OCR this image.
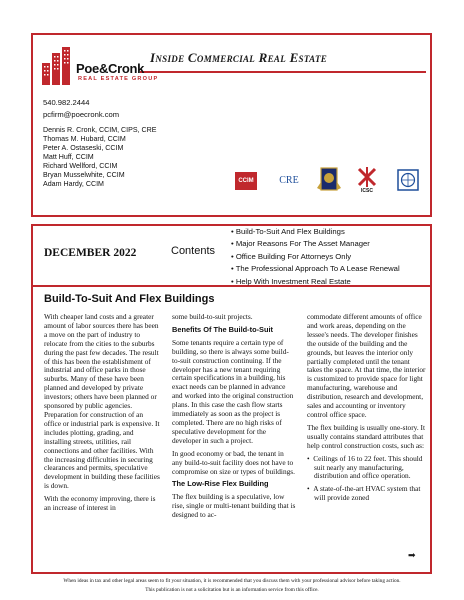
Inside Commercial Real Estate
Poe&Cronk
REAL ESTATE GROUP
540.982.2444
pcfirm@poecronk.com
Dennis R. Cronk, CCIM, CIPS, CRE
Thomas M. Hubard, CCIM
Peter A. Ostaseski, CCIM
Matt Huff, CCIM
Richard Wellford, CCIM
Bryan Musselwhite, CCIM
Adam Hardy, CCIM	CCIM	CRE
ICSC
DECEMBER 2022	Contents
• Build-To-Suit And Flex Buildings
• Major Reasons For The Asset Manager
• Office Building For Attorneys Only
• The Professional Approach To A Lease Renewal
• Help With Investment Real Estate
Build-To-Suit And Flex Buildings

With cheaper land costs and a greater amount of labor sources there has been a move on the part of industry to relocate from the cities to the suburbs during the past few decades. The result of this has been the establishment of industrial and office parks in those suburbs. Many of these have been planned and developed by private investors; others have been planned or sponsored by public agencies. Preparation for construction of an office or industrial park is expensive. It includes plotting, grading, and installing streets, utilities, rail connections and other facilities. With the increasing difficulties in securing clearances and permits, speculative development in building these facilities is down.

With the economy improving, there is an increase of interest in

some build-to-suit projects.

Benefits Of The Build-to-Suit

Some tenants require a certain type of building, so there is always some build-to-suit construction continuing. If the developer has a new tenant requiring certain specifications in a building, his exact needs can be planned in advance and worked into the original construction plans. In this case the cash flow starts immediately as soon as the project is completed. There are no high risks of speculative development for the developer in such a project.

In good economy or bad, the tenant in any build-to-suit facility does not have to compromise on size or types of buildings.

The Low-Rise Flex Building

The flex building is a speculative, low rise, single or multi-tenant building that is designed to ac-

commodate different amounts of office and work areas, depending on the lessee's needs. The developer finishes the outside of the building and the grounds, but leaves the interior only partially completed until the tenant takes the space. At that time, the interior is customized to provide space for light manufacturing, warehouse and distribution, research and development, sales and accounting or inventory control office space.

The flex building is usually one-story. It usually contains standard attributes that help control construction costs, such as:

•  Ceilings of 16 to 22 feet. This should suit nearly any manufacturing, distribution and office operation.

•  A state-of-the-art HVAC system that will provide zoned

➡
When ideas in tax and other legal areas seem to fit your situation, it is recommended that you discuss them with your professional advisor before taking action.
This publication is not a solicitation but is an information service from this office.
